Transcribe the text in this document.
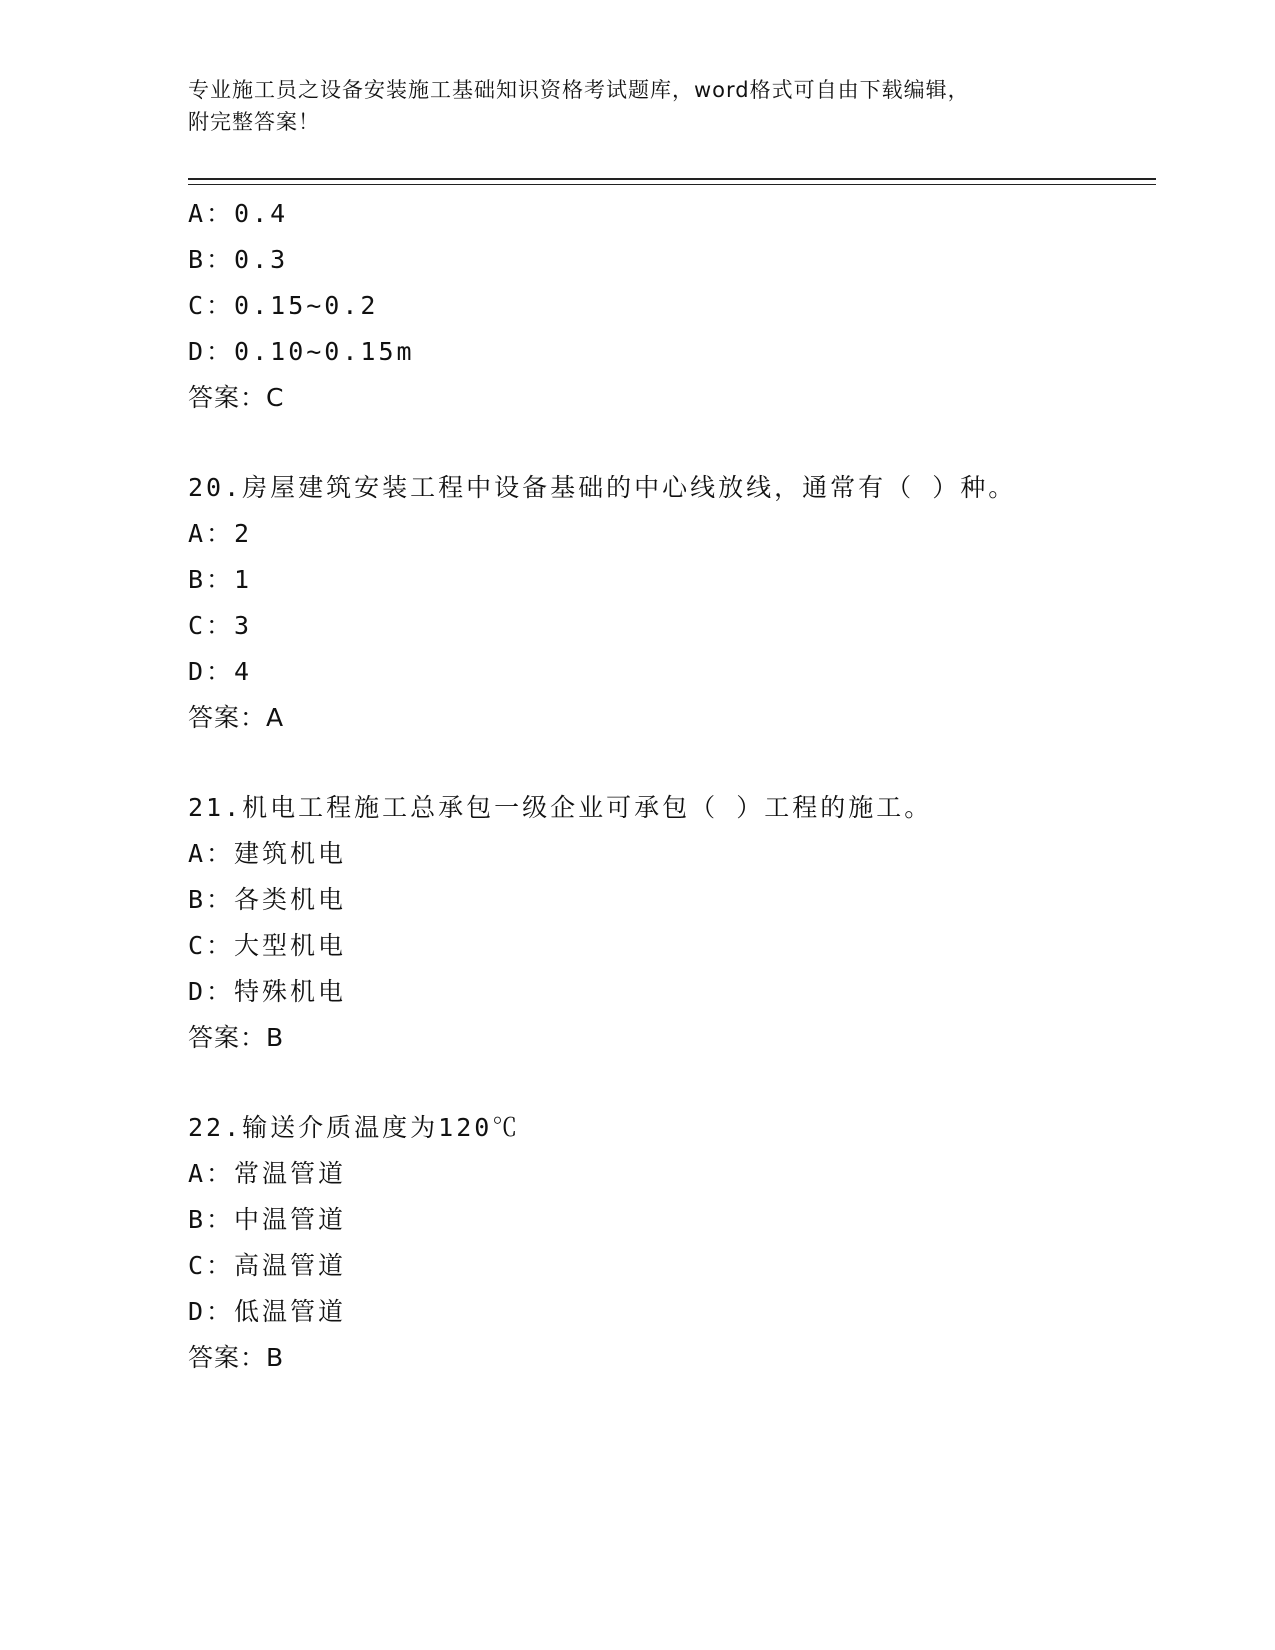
专业施工员之设备安装施工基础知识资格考试题库，word格式可自由下载编辑，
附完整答案！
A：0.4
B：0.3
C：0.15~0.2
D：0.10~0.15m
答案：C
20.房屋建筑安装工程中设备基础的中心线放线，通常有（ ）种。
A：2
B：1
C：3
D：4
答案：A
21.机电工程施工总承包一级企业可承包（ ）工程的施工。
A：建筑机电
B：各类机电
C：大型机电
D：特殊机电
答案：B
22.输送介质温度为120℃
A：常温管道
B：中温管道
C：高温管道
D：低温管道
答案：B
